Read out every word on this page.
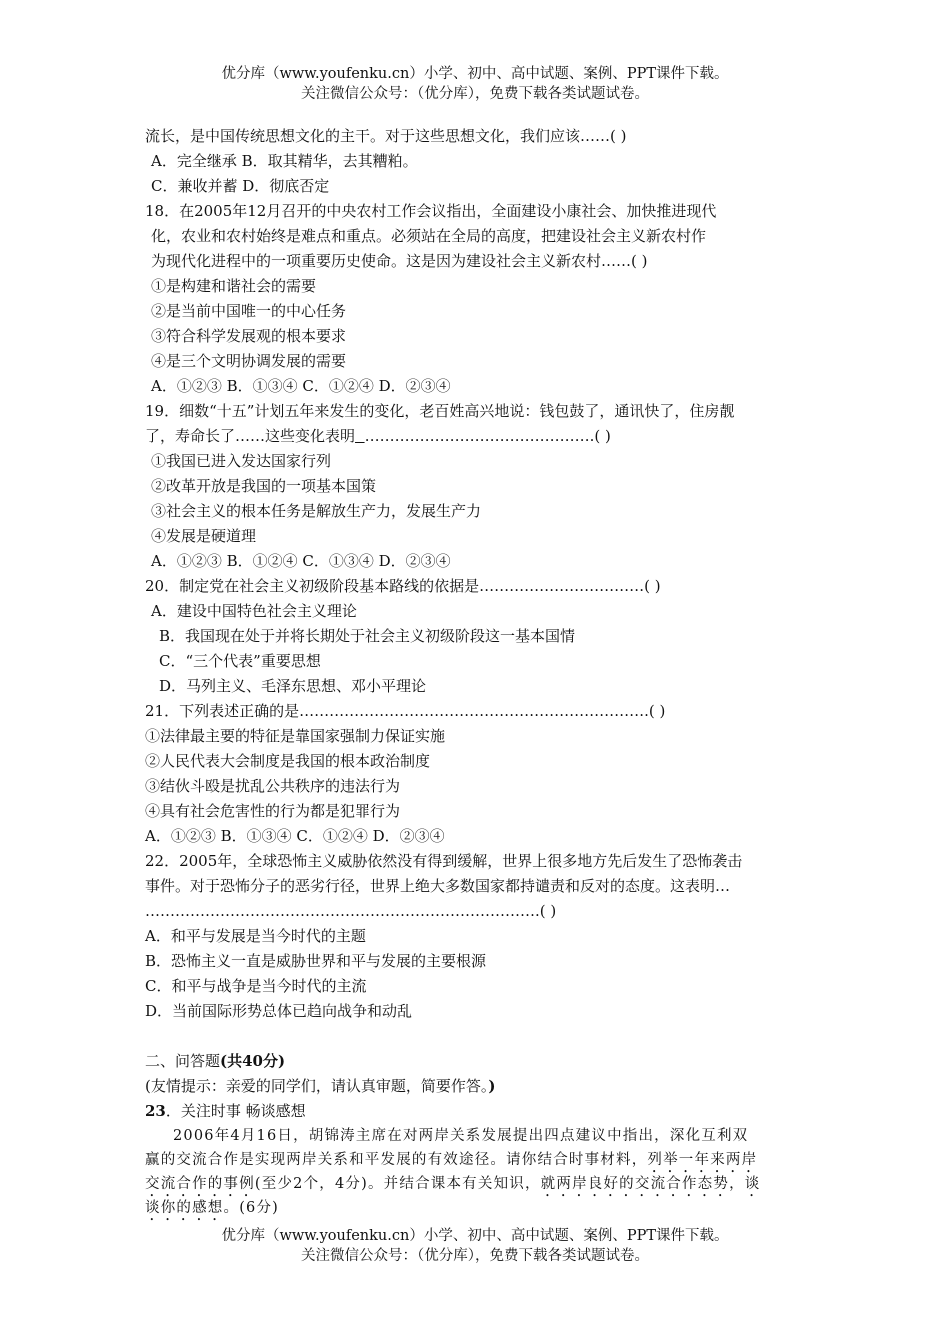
优分库（www.youfenku.cn）小学、初中、高中试题、案例、PPT课件下载。
关注微信公众号：（优分库），免费下载各类试题试卷。
流长，是中国传统思想文化的主干。对于这些思想文化，我们应该……( )
A．完全继承 B．取其精华，去其糟粕。
C．兼收并蓄 D．彻底否定
18．在2005年12月召开的中央农村工作会议指出，全面建设小康社会、加快推进现代
化，农业和农村始终是难点和重点。必须站在全局的高度，把建设社会主义新农村作
为现代化进程中的一项重要历史使命。这是因为建设社会主义新农村……( )
①是构建和谐社会的需要
②是当前中国唯一的中心任务
③符合科学发展观的根本要求
④是三个文明协调发展的需要
A．①②③ B．①③④ C．①②④ D．②③④
19．细数“十五”计划五年来发生的变化，老百姓高兴地说：钱包鼓了，通讯快了，住房靓
了，寿命长了……这些变化表明 ……………………………………….( )
①我国已进入发达国家行列
②改革开放是我国的一项基本国策
③社会主义的根本任务是解放生产力，发展生产力
④发展是硬道理
A．①②③ B．①②④ C．①③④ D．②③④
20．制定党在社会主义初级阶段基本路线的依据是……………………………( )
A．建设中国特色社会主义理论
B．我国现在处于并将长期处于社会主义初级阶段这一基本国情
C．“三个代表”重要思想
D．马列主义、毛泽东思想、邓小平理论
21．下列表述正确的是…………………………………………………………….( )
①法律最主要的特征是靠国家强制力保证实施
②人民代表大会制度是我国的根本政治制度
③结伙斗殴是扰乱公共秩序的违法行为
④具有社会危害性的行为都是犯罪行为
A．①②③ B．①③④ C．①②④ D．②③④
22．2005年，全球恐怖主义威胁依然没有得到缓解，世界上很多地方先后发生了恐怖袭击
事件。对于恐怖分子的恶劣行径，世界上绝大多数国家都持谴责和反对的态度。这表明…
…………………………………………………………………….( )
A．和平与发展是当今时代的主题
B．恐怖主义一直是威胁世界和平与发展的主要根源
C．和平与战争是当今时代的主流
D．当前国际形势总体已趋向战争和动乱
二、问答题(共40分)
(友情提示：亲爱的同学们，请认真审题，简要作答。)
23．关注时事 畅谈感想
2006年4月16日，胡锦涛主席在对两岸关系发展提出四点建议中指出，深化互利双
赢的交流合作是实现两岸关系和平发展的有效途径。请你结合时事材料，列举一年来两岸
交流合作的事例(至少2个，4分)。并结合课本有关知识，就两岸良好的交流合作态势，谈
谈你的感想。(6分)
优分库（www.youfenku.cn）小学、初中、高中试题、案例、PPT课件下载。
关注微信公众号：（优分库），免费下载各类试题试卷。
